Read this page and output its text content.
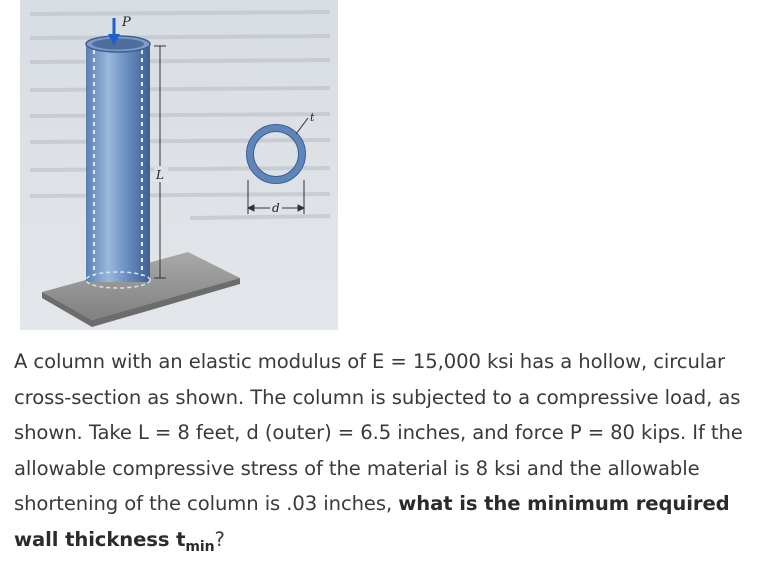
P
L
t
d

A column with an elastic modulus of E = 15,000 ksi has a hollow, circular cross-section as shown. The column is subjected to a compressive load, as shown. Take L = 8 feet, d (outer) = 6.5 inches, and force P = 80 kips. If the allowable compressive stress of the material is 8 ksi and the allowable shortening of the column is .03 inches, what is the minimum required wall thickness $t_{min}$?
